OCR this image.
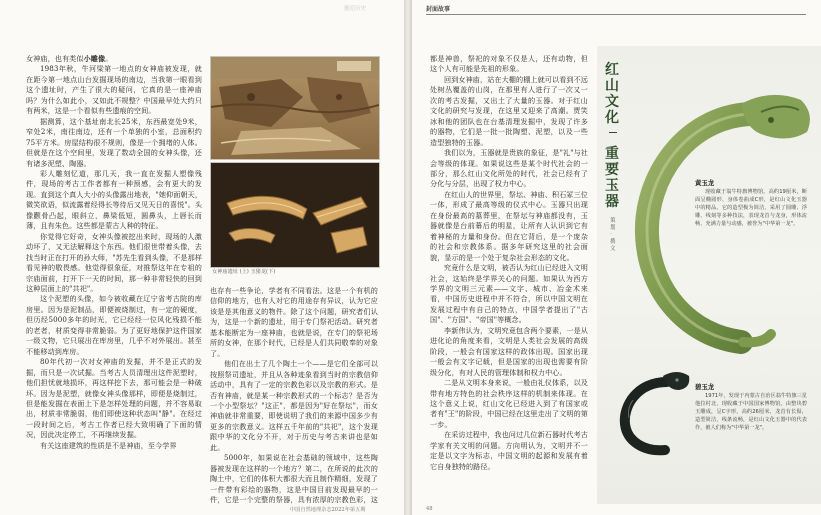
邂逅历史

女神庙，也有类似小雕像。

1983年秋，牛河梁第一地点的女神庙被发现，就在距今第一地点山台发掘现场的南边，当我第一眼看到这个遗址时，产生了很大的疑问，它真的是一座神庙吗？为什么如此小，又如此不规整？中国最早处大约只有两米，这是一个看似有些遗痕的空间。

据测算，这个基址南北长25米，东西最宽处9米，窄处2米，南往南边，还有一个单独的小室，总面积约75平方米。房屋结构很不规则，像是一个拥堵的人体。但就是在这个空间里，发现了数动全国的女神头像，还有诸多泥塑、陶器。

彩人雕刻忆道，那几天，我一直在发掘人塑像残件，现场的考古工作者都有一种预感，会有更大的发现。直到这个真人大小的头像露出地表，"她仰面朝天，微笑欲语，似流露着经得长等待后又见天日的喜悦"。头像颧骨凸起，眼斜立，鼻梁低短，圆鼻头，上唇长而薄，且有朱色。这些都是蒙古人种的特征。

你觉得它好奇，女神头像被挖出来时，现场的人激动坏了，又无法解释这个东西。他们很世带着头像，去找当时正在打开的孙大师，"苏先生看到头像，不是那样看见神的敬畏感。他觉得很象征，对推祭这年在专祖的宗庙面前，打开下一天的时间，那一种非常轻快的回到这种层面上的"共祀"。

这个泥塑的头像，如今被收藏在辽宁省考古院的库房里。因为是泥制品，即便被烧制过，有一定的硬度，但历经5000多年的时光，它已经经一位风化残损不能的老者，材质变得非常脆弱。为了更好地保护这件国家一级文物，它只展出在库房里，几乎不对外展出。甚至不能移动到库房。

80年代初一次对女神庙的发掘，并不是正式的发掘，而只是一次试掘。当考古人员清理出这件泥塑时，他们担忧就地损坏，再这样挖下去，那可能会是一种破坏。因为是泥塑，就像女神头像那样，即便是烧制过，但是能发掘在表面上下是怎样处理的问题，并不容易取出，材质非常脆弱，他们即使这种状态叫"静"。在经过一段时间之后，考古工作者已经大致明确了下面的情况，因此决定停工，不再继续发掘。

有关这座建筑的性质是不是神庙，至今学界

女神庙遗址 (上) 玉猪龙(下)

也存有一些争论，学者有不同看法。这是一个有机的信仰的地方，也有人对它的用途存有异议，认为它应该是是其他意义的物件。除了这个问题，研究者们认为，这是一个新的遗址，用于专门祭祀活动。研究者基本能断定为一座神庙，也就是说，在专门的祭祀场所的女神，在那个时代，已经是人们共同敬奉的对象了。

他们在出土了几个陶土一个——是它们全部可以按照祭司遗址，并且从各种迹象看到当时的宗教信仰活动中，具有了一定的宗教色彩以及宗教的形式。是否有神庙，就是某一种宗教形式的一个标志？是否为一个小型祭坛？"这正"，都是因为"好在祭坛"，而女神庙就非常重要，即使说明了我们的来源中国多少有更多的宗教意义。这样五千年前的"共祀"，这个发现跟中华的文化分不开，对于历史与考古来讲也是如此。

5000年，如果说在社会基础的领域中，这些陶器被发现在这样的一个地方？第二，在所说的此次的陶土中，它们的体积大都很大而且制作精细，发现了一件带有彩绘的器物，这是中国目前发现最早的一件，它是一个完整的祭器，具有浓厚的宗教色彩，这

中国自然地理杂志2022年第五期
封面故事

都是神兽，祭祀的对象不仅是人，还有动物，但这个人有可能是先祖的形象。

回到女神庙，站在大棚的棚上就可以看到不远处树丛覆盖的山岗，在那里有人进行了一次又一次的考古发掘，又出土了大量的玉器。对于红山文化的研究与发现，在这里又迎来了高潮。贾笑冰和他的团队也在台基清理发掘中，发现了许多的器物，它们是一批一批陶塑、泥塑，以及一些造型独特的玉器。

我们以为，玉器就是贵族的象征，是"礼"与社会等级的体现。如果说这些是某个时代社会的一部分，那么红山文化所处的时代，社会已经有了分化与分层，出现了权力中心。

在红山人的世界里，祭坛、神庙、积石冢三位一体，形成了最高等级的仪式中心。玉器只出现在身份最高的墓葬里，在祭坛与神庙都没有，玉器就像是台前幕后的明星，让所有人认识到它有着神秘的力量和身份。但在它背后，是一个庞杂的社会和宗教体系。据多年研究这里的社会面貌，显示的是一个处于复杂社会形态的文化。

究竟什么是文明，被否认为红山已经进入文明社会，这始终是学界关心的问题。如果认为西方学界的文明三元素——文字、城市、冶金术来看，中国历史进程中并不符合，所以中国文明在发展过程中有自己的特点，中国学者提出了"古国"、"方国"、"帝国"等概念。

李新伟认为，文明究竟包含两个要素，一是从进化论的角度来看，文明是人类社会发展的高级阶段，一般会有国家这样的政体出现。国家出现一般会有文字记载，但是国家的出现也需要有阶级分化，有对人民的管理体制和权力中心。

二是从文明本身来说，一般由礼仪体系，以及带有地方特色的社会秩序这样的机制来体现。在这个意义上说，红山文化已经进入到了有国家或者有"王"的阶段，中国已经在这里走出了文明的第一步。

在采访过程中，我也问过几位新石器时代考古学家有关文明的问题。方向明认为，文明并不一定是以文字为标志，中国文明的起源和发展有着它自身独特的路径。

红
山
文
化
重
要
玉
器
策
划
·
撰
文
黄玉龙

现收藏于翁牛特旗博物馆。高约19厘米，断面呈椭圆形，身体卷曲成C形，是红山文化玉器中的精品。它的造型极为简洁，采用了圆雕、浮雕、线刻等多种技法，表现龙首与龙身，形体流畅，充满力量与动感，被誉为"中华第一龙"。

碧玉龙

1971年，发现于内蒙古自治区翁牛特旗三星他拉村北，现收藏于中国国家博物馆。由整块碧玉雕成，呈C字形，高约26厘米，龙首有长鬃，造型简洁，线条流畅，是红山文化玉器中的代表作，被人们称为"中华第一龙"。

48
